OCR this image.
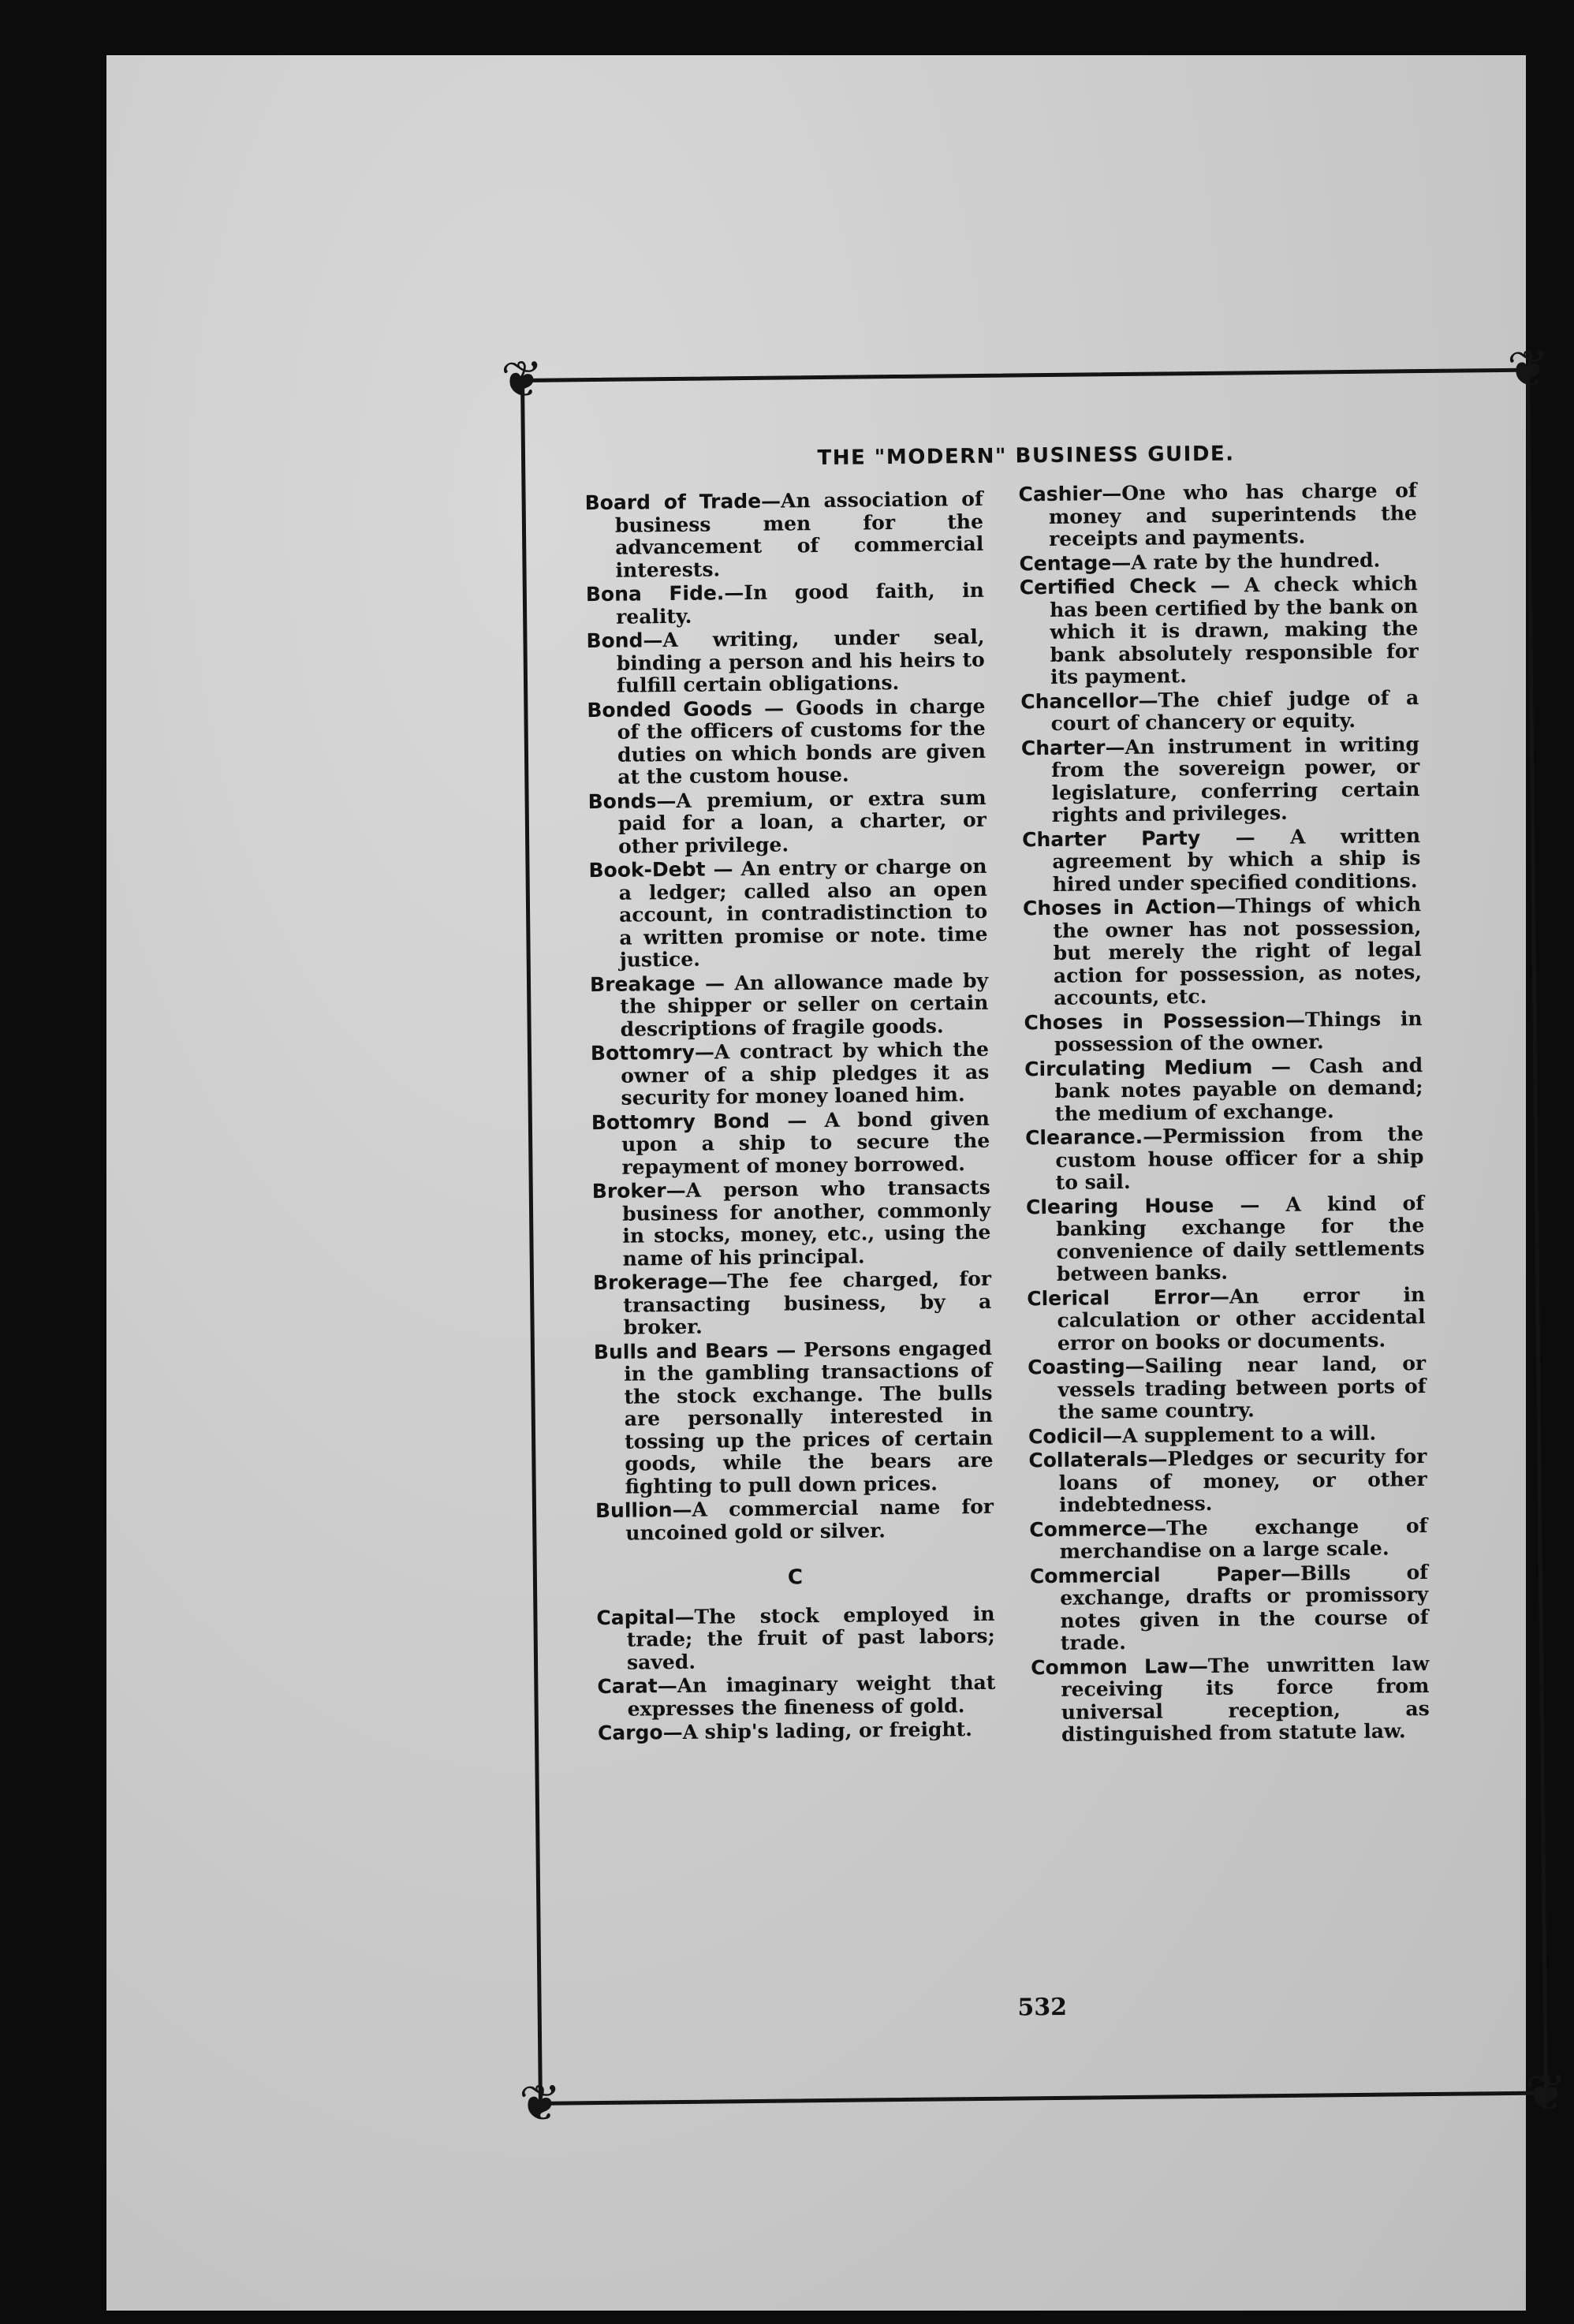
❦	❦
❦	❦
THE "MODERN" BUSINESS GUIDE.

Board of Trade—An association of business men for the advancement of commercial interests.

Bona Fide.—In good faith, in reality.

Bond—A writing, under seal, binding a person and his heirs to fulfill certain obligations.

Bonded Goods — Goods in charge of the officers of customs for the duties on which bonds are given at the custom house.

Bonds—A premium, or extra sum paid for a loan, a charter, or other privilege.

Book-Debt — An entry or charge on a ledger; called also an open account, in contradistinction to a written promise or note. time justice.

Breakage — An allowance made by the shipper or seller on certain descriptions of fragile goods.

Bottomry—A contract by which the owner of a ship pledges it as security for money loaned him.

Bottomry Bond — A bond given upon a ship to secure the repayment of money borrowed.

Broker—A person who transacts business for another, commonly in stocks, money, etc., using the name of his principal.

Brokerage—The fee charged, for transacting business, by a broker.

Bulls and Bears — Persons engaged in the gambling transactions of the stock exchange. The bulls are personally interested in tossing up the prices of certain goods, while the bears are fighting to pull down prices.

Bullion—A commercial name for uncoined gold or silver.

C

Capital—The stock employed in trade; the fruit of past labors; saved.

Carat—An imaginary weight that expresses the fineness of gold.

Cargo—A ship's lading, or freight.

Cashier—One who has charge of money and superintends the receipts and payments.

Centage—A rate by the hundred.

Certified Check — A check which has been certified by the bank on which it is drawn, making the bank absolutely responsible for its payment.

Chancellor—The chief judge of a court of chancery or equity.

Charter—An instrument in writing from the sovereign power, or legislature, conferring certain rights and privileges.

Charter Party — A written agreement by which a ship is hired under specified conditions.

Choses in Action—Things of which the owner has not possession, but merely the right of legal action for possession, as notes, accounts, etc.

Choses in Possession—Things in possession of the owner.

Circulating Medium — Cash and bank notes payable on demand; the medium of exchange.

Clearance.—Permission from the custom house officer for a ship to sail.

Clearing House — A kind of banking exchange for the convenience of daily settlements between banks.

Clerical Error—An error in calculation or other accidental error on books or documents.

Coasting—Sailing near land, or vessels trading between ports of the same country.

Codicil—A supplement to a will.

Collaterals—Pledges or security for loans of money, or other indebtedness.

Commerce—The exchange of merchandise on a large scale.

Commercial Paper—Bills of exchange, drafts or promissory notes given in the course of trade.

Common Law—The unwritten law receiving its force from universal reception, as distinguished from statute law.

532
